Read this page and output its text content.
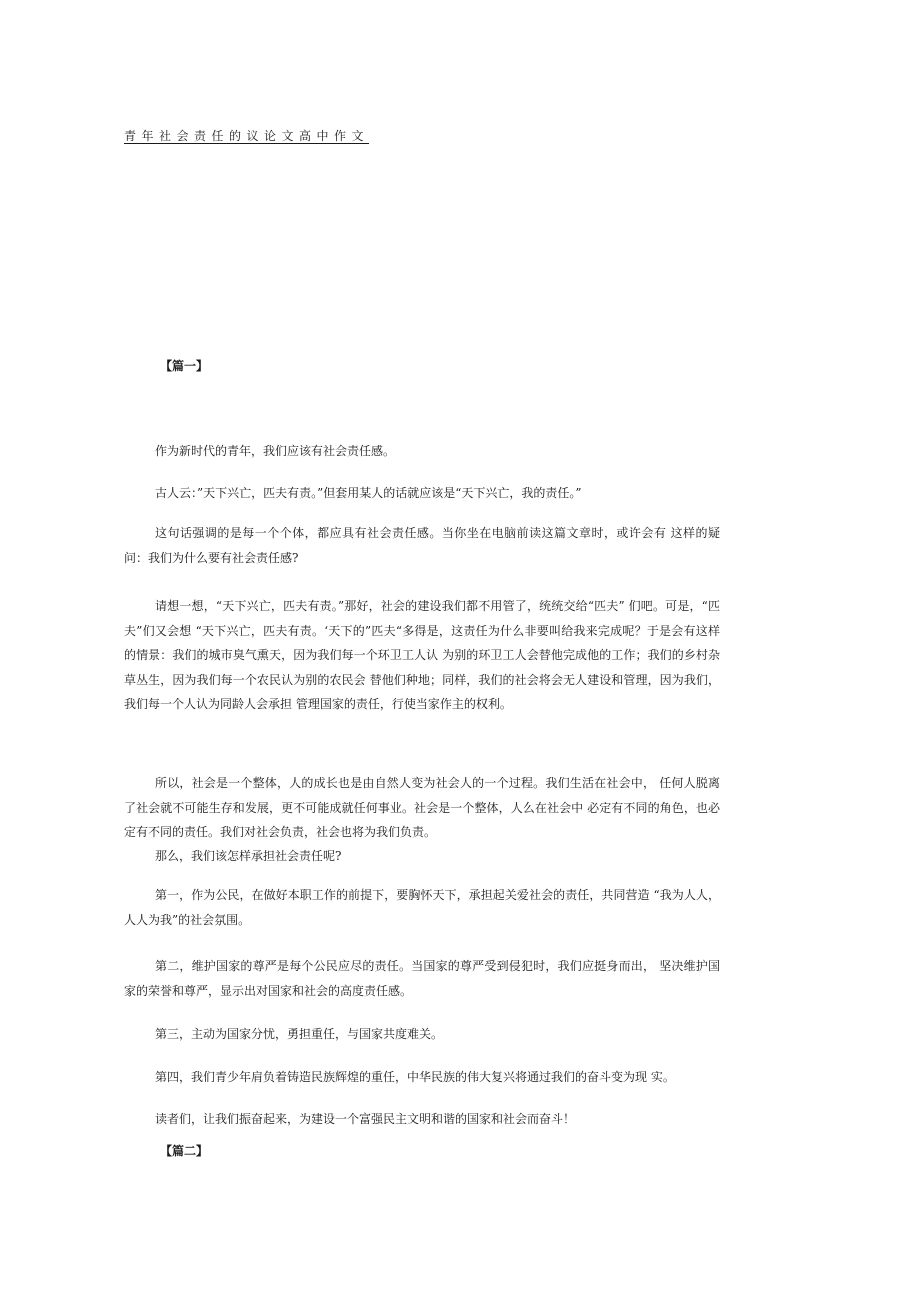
青年社会责任的议论文高中作文
【篇一】

作为新时代的青年，我们应该有社会责任感。

古人云：”天下兴亡，匹夫有责。”但套用某人的话就应该是“天下兴亡，我的责任。”

这句话强调的是每一个个体，都应具有社会责任感。当你坐在电脑前读这篇文章时，或许会有 这样的疑问：我们为什么要有社会责任感?

请想一想，“天下兴亡，匹夫有责。”那好，社会的建设我们都不用管了，统统交给“匹夫” 们吧。可是，“匹夫”们又会想 “天下兴亡，匹夫有责。‘天下的”匹夫“多得是，这责任为什么非要叫给我来完成呢？于是会有这样的情景：我们的城市臭气熏天，因为我们每一个环卫工人认 为别的环卫工人会替他完成他的工作；我们的乡村杂草丛生，因为我们每一个农民认为别的农民会 替他们种地；同样，我们的社会将会无人建设和管理，因为我们，我们每一个人认为同龄人会承担 管理国家的责任，行使当家作主的权利。

所以，社会是一个整体，人的成长也是由自然人变为社会人的一个过程。我们生活在社会中， 任何人脱离了社会就不可能生存和发展，更不可能成就任何事业。社会是一个整体，人么在社会中 必定有不同的角色，也必定有不同的责任。我们对社会负责，社会也将为我们负责。

那么，我们该怎样承担社会责任呢?

第一，作为公民，在做好本职工作的前提下，要胸怀天下，承担起关爱社会的责任，共同营造 “我为人人，人人为我”的社会氛围。

第二，维护国家的尊严是每个公民应尽的责任。当国家的尊严受到侵犯时，我们应挺身而出， 坚决维护国家的荣誉和尊严，显示出对国家和社会的高度责任感。

第三，主动为国家分忧，勇担重任，与国家共度难关。

第四，我们青少年肩负着铸造民族辉煌的重任，中华民族的伟大复兴将通过我们的奋斗变为现 实。

读者们，让我们振奋起来，为建设一个富强民主文明和谐的国家和社会而奋斗！

【篇二】
